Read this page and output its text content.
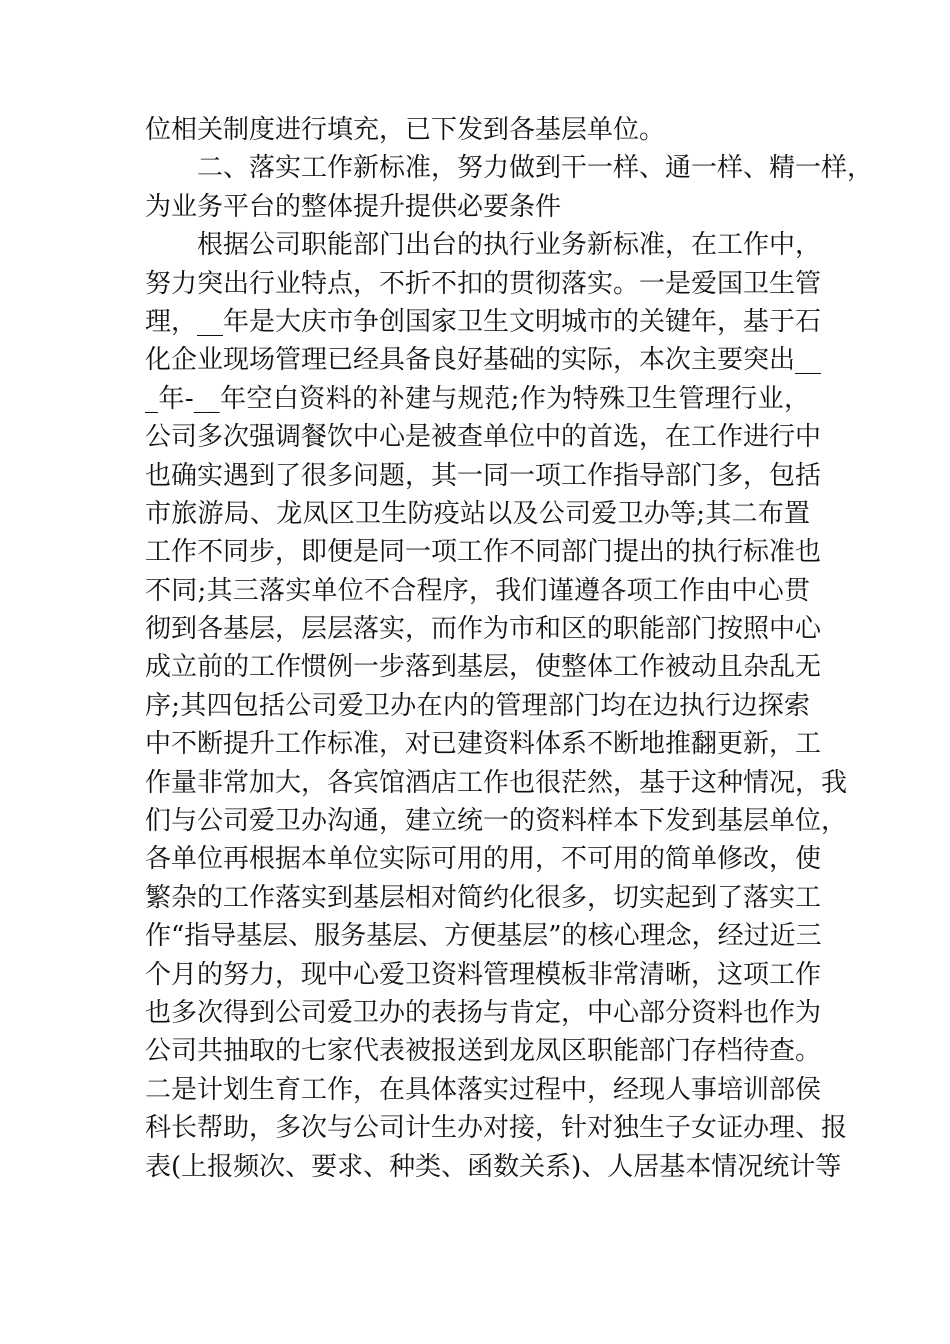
位相关制度进行填充，已下发到各基层单位。
二、落实工作新标准，努力做到干一样、通一样、精一样，
为业务平台的整体提升提供必要条件
根据公司职能部门出台的执行业务新标准，在工作中，
努力突出行业特点，不折不扣的贯彻落实。一是爱国卫生管
理，__年是大庆市争创国家卫生文明城市的关键年，基于石
化企业现场管理已经具备良好基础的实际，本次主要突出__
_年-__年空白资料的补建与规范;作为特殊卫生管理行业，
公司多次强调餐饮中心是被查单位中的首选，在工作进行中
也确实遇到了很多问题，其一同一项工作指导部门多，包括
市旅游局、龙凤区卫生防疫站以及公司爱卫办等;其二布置
工作不同步，即便是同一项工作不同部门提出的执行标准也
不同;其三落实单位不合程序，我们谨遵各项工作由中心贯
彻到各基层，层层落实，而作为市和区的职能部门按照中心
成立前的工作惯例一步落到基层，使整体工作被动且杂乱无
序;其四包括公司爱卫办在内的管理部门均在边执行边探索
中不断提升工作标准，对已建资料体系不断地推翻更新，工
作量非常加大，各宾馆酒店工作也很茫然，基于这种情况，我
们与公司爱卫办沟通，建立统一的资料样本下发到基层单位，
各单位再根据本单位实际可用的用，不可用的简单修改，使
繁杂的工作落实到基层相对简约化很多，切实起到了落实工
作“指导基层、服务基层、方便基层”的核心理念，经过近三
个月的努力，现中心爱卫资料管理模板非常清晰，这项工作
也多次得到公司爱卫办的表扬与肯定，中心部分资料也作为
公司共抽取的七家代表被报送到龙凤区职能部门存档待查。
二是计划生育工作，在具体落实过程中，经现人事培训部侯
科长帮助，多次与公司计生办对接，针对独生子女证办理、报
表(上报频次、要求、种类、函数关系)、人居基本情况统计等
